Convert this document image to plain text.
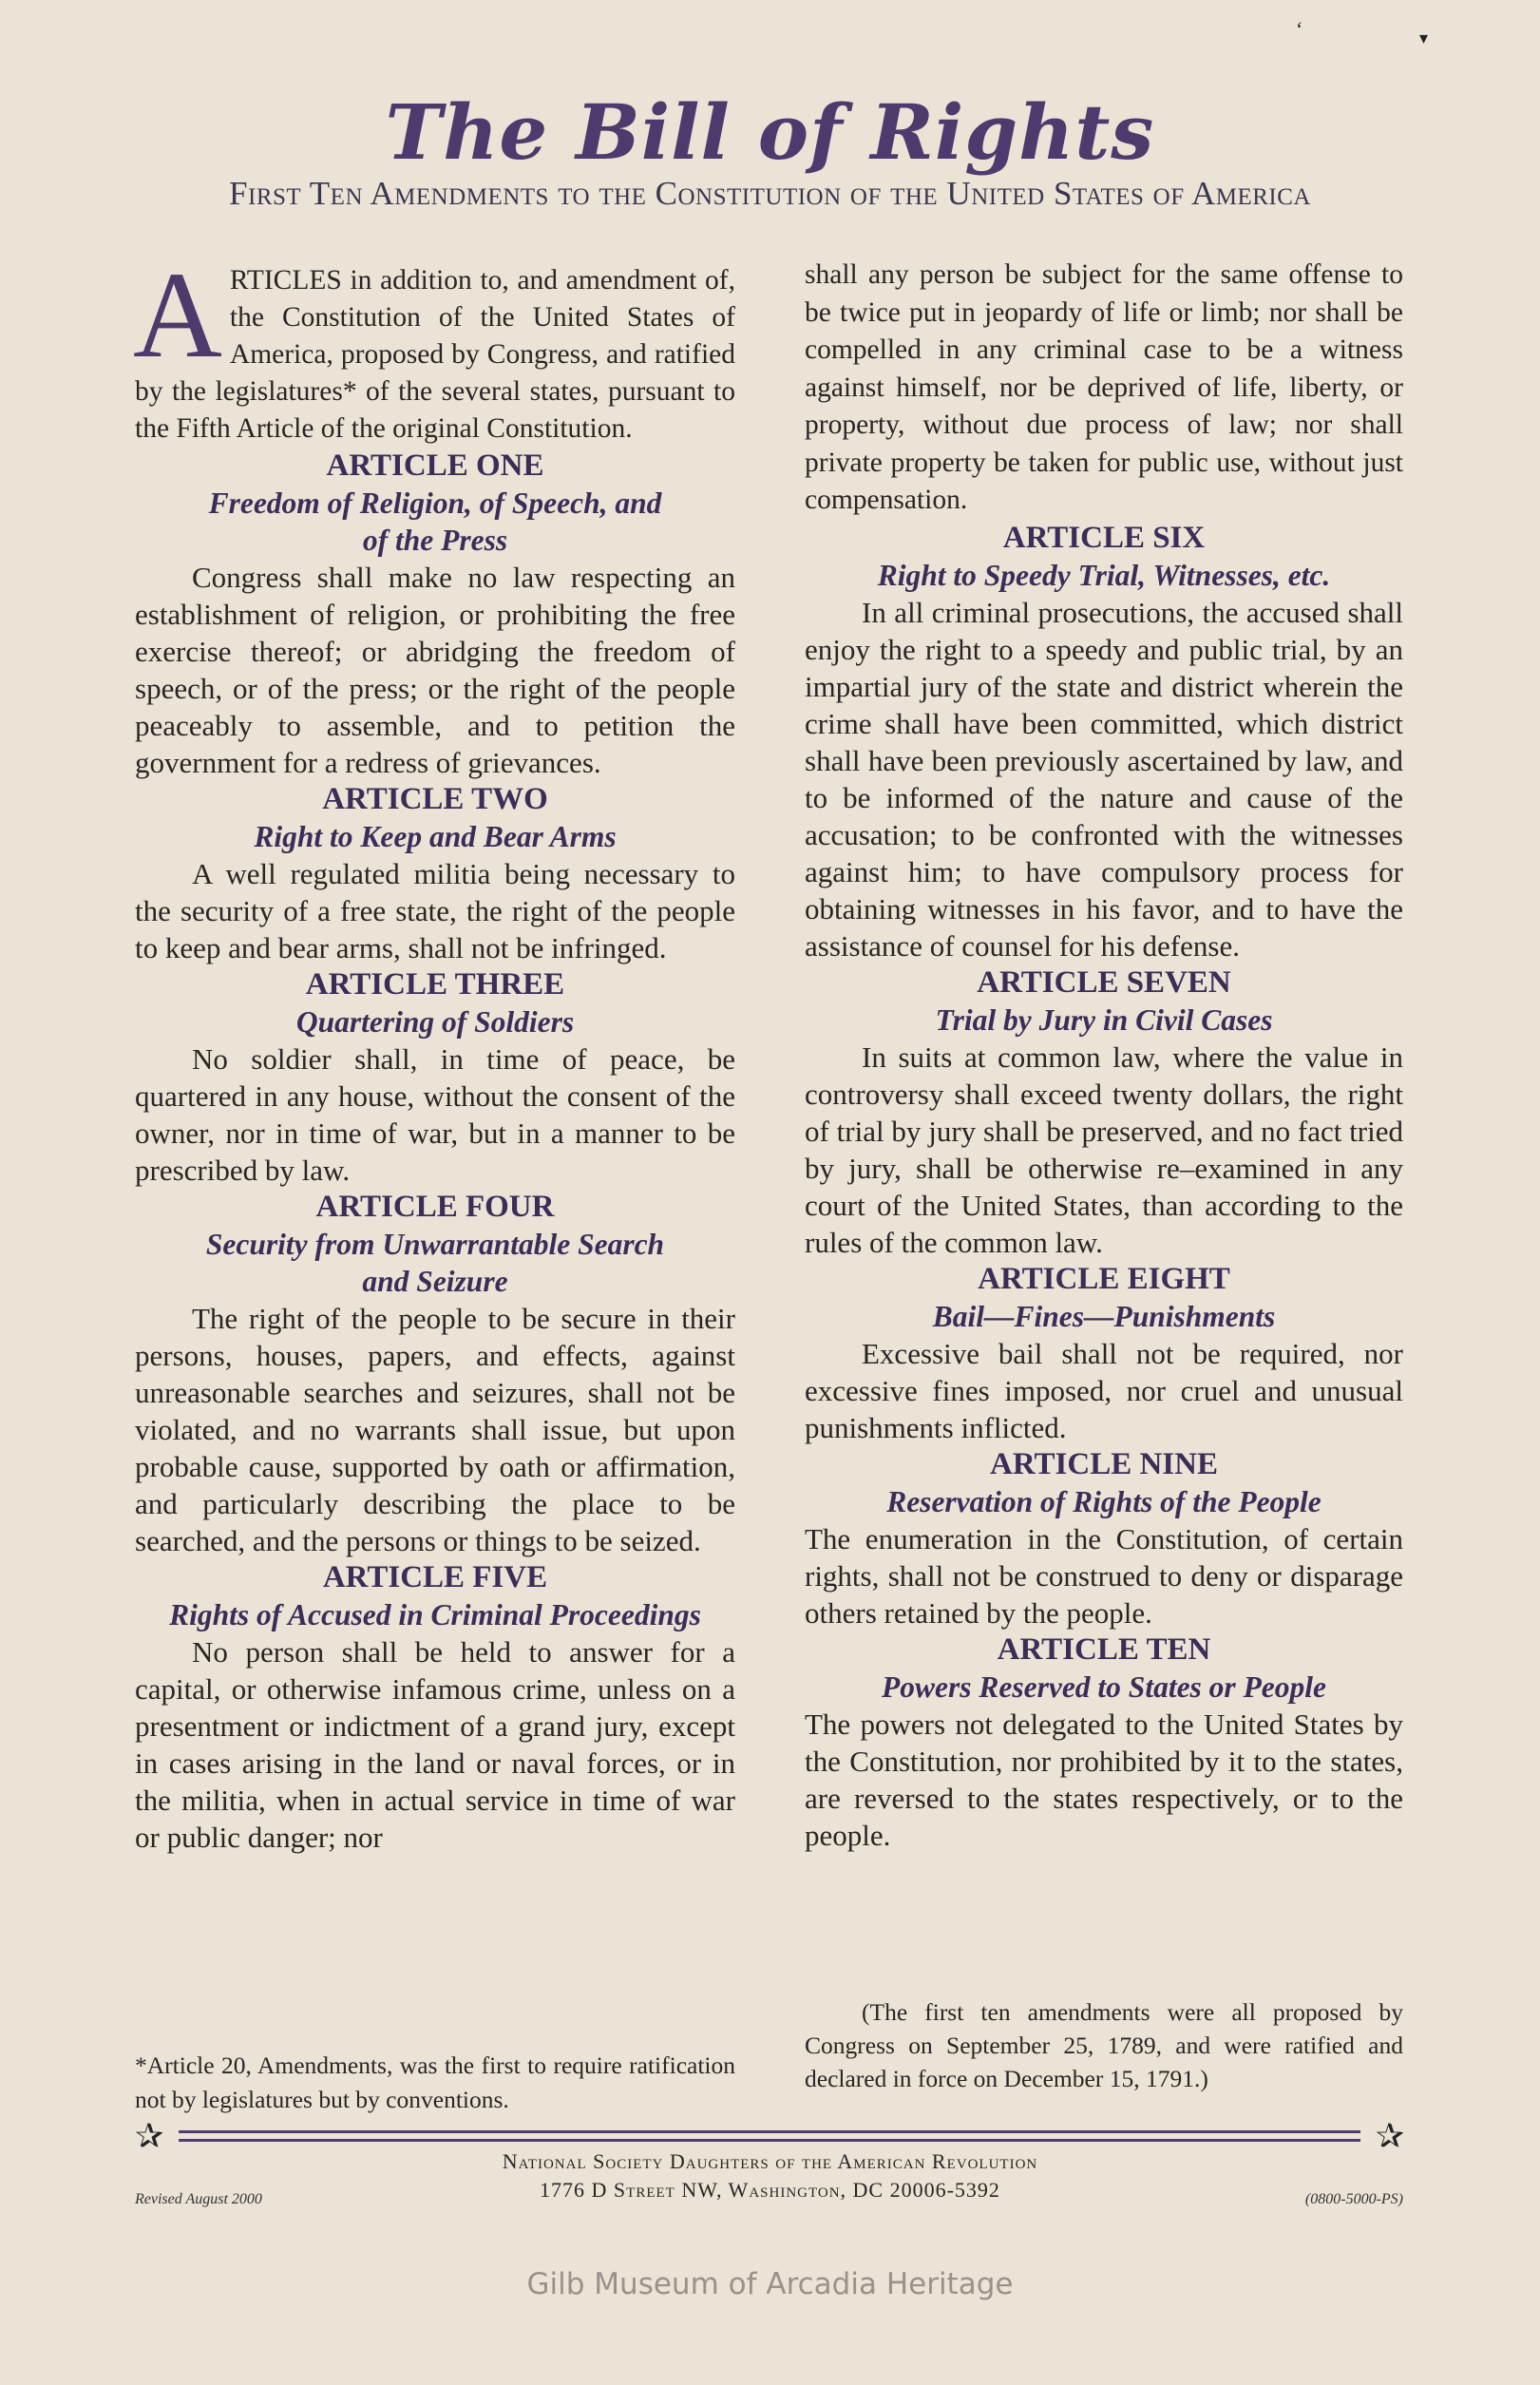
ʻ	▾
The Bill of Rights
First Ten Amendments to the Constitution of the United States of America

A RTICLES in addition to, and amendment of, the Constitution of the United States of America, proposed by Congress, and ratified by the legislatures* of the several states, pursuant to the Fifth Article of the original Constitution.

ARTICLE ONE

Freedom of Religion, of Speech, and of the Press

Congress shall make no law respecting an establishment of religion, or prohibiting the free exercise thereof; or abridging the freedom of speech, or of the press; or the right of the people peaceably to assemble, and to petition the government for a redress of grievances.

ARTICLE TWO

Right to Keep and Bear Arms

A well regulated militia being necessary to the security of a free state, the right of the people to keep and bear arms, shall not be infringed.

ARTICLE THREE

Quartering of Soldiers

No soldier shall, in time of peace, be quartered in any house, without the consent of the owner, nor in time of war, but in a manner to be prescribed by law.

ARTICLE FOUR

Security from Unwarrantable Search and Seizure

The right of the people to be secure in their persons, houses, papers, and effects, against unreasonable searches and seizures, shall not be violated, and no warrants shall issue, but upon probable cause, supported by oath or affirmation, and particularly describing the place to be searched, and the persons or things to be seized.

ARTICLE FIVE

Rights of Accused in Criminal Proceedings

No person shall be held to answer for a capital, or otherwise infamous crime, unless on a presentment or indictment of a grand jury, except in cases arising in the land or naval forces, or in the militia, when in actual service in time of war or public danger; nor

shall any person be subject for the same offense to be twice put in jeopardy of life or limb; nor shall be compelled in any criminal case to be a witness against himself, nor be deprived of life, liberty, or property, without due process of law; nor shall private property be taken for public use, without just compensation.

ARTICLE SIX

Right to Speedy Trial, Witnesses, etc.

In all criminal prosecutions, the accused shall enjoy the right to a speedy and public trial, by an impartial jury of the state and district wherein the crime shall have been committed, which district shall have been previously ascertained by law, and to be informed of the nature and cause of the accusation; to be confronted with the witnesses against him; to have compulsory process for obtaining witnesses in his favor, and to have the assistance of counsel for his defense.

ARTICLE SEVEN

Trial by Jury in Civil Cases

In suits at common law, where the value in controversy shall exceed twenty dollars, the right of trial by jury shall be preserved, and no fact tried by jury, shall be otherwise re–examined in any court of the United States, than according to the rules of the common law.

ARTICLE EIGHT

Bail—Fines—Punishments

Excessive bail shall not be required, nor excessive fines imposed, nor cruel and unusual punishments inflicted.

ARTICLE NINE

Reservation of Rights of the People

The enumeration in the Constitution, of certain rights, shall not be construed to deny or disparage others retained by the people.

ARTICLE TEN

Powers Reserved to States or People

The powers not delegated to the United States by the Constitution, nor prohibited by it to the states, are reversed to the states respectively, or to the people.

*Article 20, Amendments, was the first to require ratification not by legislatures but by conventions.

(The first ten amendments were all proposed by Congress on September 25, 1789, and were ratified and declared in force on December 15, 1791.)

✰	✰
National Society Daughters of the American Revolution
1776 D Street NW, Washington, DC 20006-5392
Revised August 2000	(0800-5000-PS)
Gilb Museum of Arcadia Heritage
